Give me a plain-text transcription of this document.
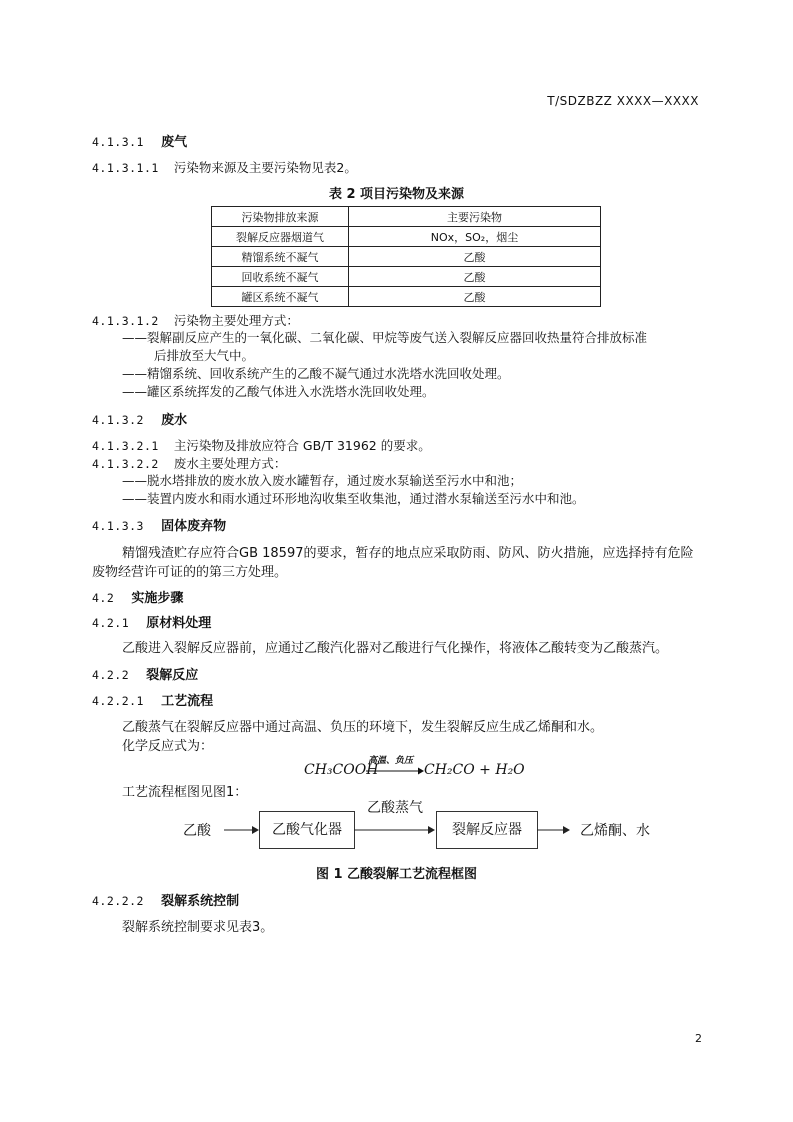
T/SDZBZZ XXXX—XXXX
4.1.3.1 废气
4.1.3.1.1 污染物来源及主要污染物见表2。
表 2 项目污染物及来源
污染物排放来源	主要污染物
裂解反应器烟道气	NOx，SO₂，烟尘
精馏系统不凝气	乙酸
回收系统不凝气	乙酸
罐区系统不凝气	乙酸
4.1.3.1.2 污染物主要处理方式：
——裂解副反应产生的一氧化碳、二氧化碳、甲烷等废气送入裂解反应器回收热量符合排放标准
后排放至大气中。
——精馏系统、回收系统产生的乙酸不凝气通过水洗塔水洗回收处理。
——罐区系统挥发的乙酸气体进入水洗塔水洗回收处理。
4.1.3.2 废水
4.1.3.2.1 主污染物及排放应符合 GB/T 31962 的要求。
4.1.3.2.2 废水主要处理方式：
——脱水塔排放的废水放入废水罐暂存，通过废水泵输送至污水中和池；
——装置内废水和雨水通过环形地沟收集至收集池，通过潜水泵输送至污水中和池。
4.1.3.3 固体废弃物
精馏残渣贮存应符合GB 18597的要求，暂存的地点应采取防雨、防风、防火措施，应选择持有危险
废物经营许可证的的第三方处理。
4.2 实施步骤
4.2.1 原材料处理
乙酸进入裂解反应器前，应通过乙酸汽化器对乙酸进行气化操作，将液体乙酸转变为乙酸蒸汽。
4.2.2 裂解反应
4.2.2.1 工艺流程
乙酸蒸气在裂解反应器中通过高温、负压的环境下，发生裂解反应生成乙烯酮和水。
化学反应式为：
CH₃COOH
高温、负压
→ CH₂CO + H₂O
工艺流程框图见图1：
乙酸	乙酸气化器
乙酸蒸气
裂解反应器	乙烯酮、水
图 1 乙酸裂解工艺流程框图
4.2.2.2 裂解系统控制
裂解系统控制要求见表3。
2
